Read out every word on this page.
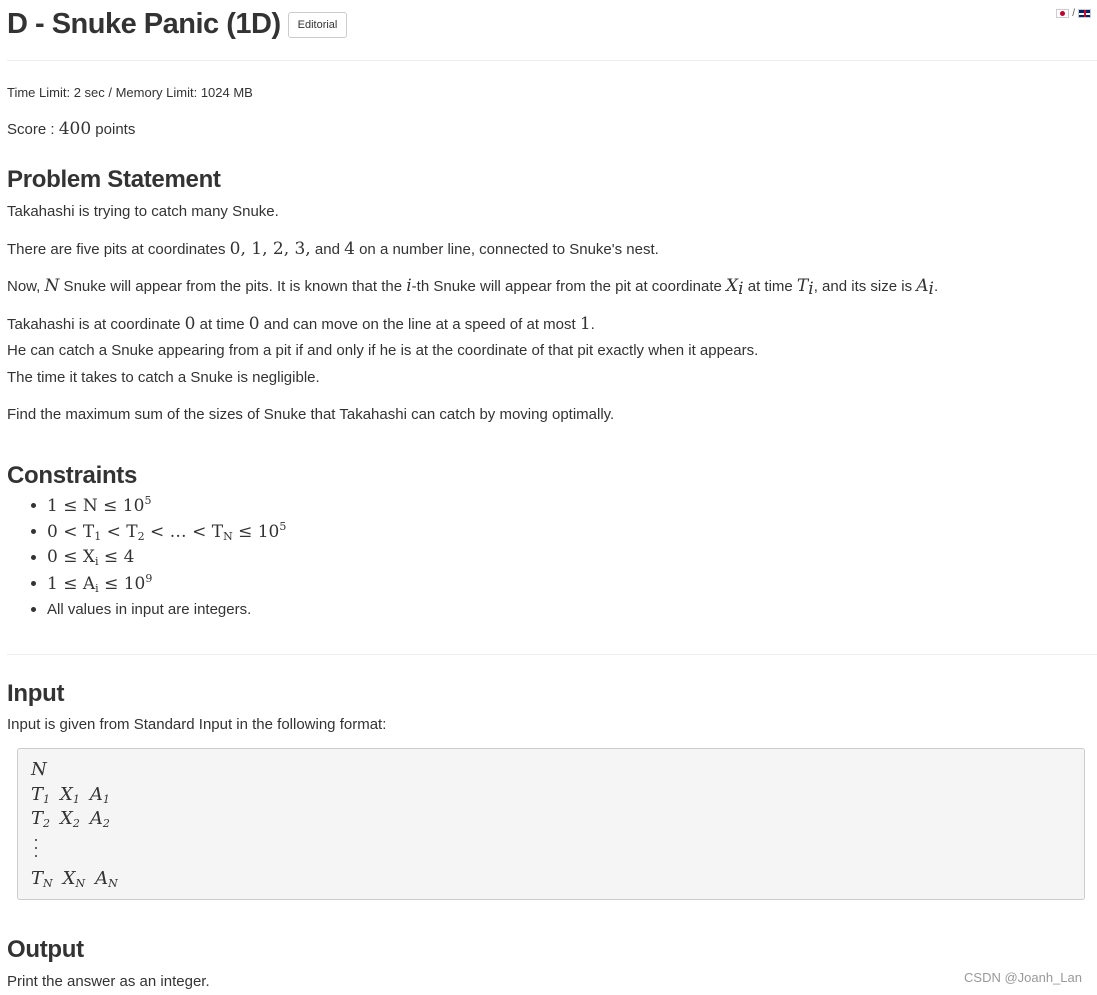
D - Snuke Panic (1D)	Editorial
/
Time Limit: 2 sec / Memory Limit: 1024 MB
Score : 400 points
Problem Statement
Takahashi is trying to catch many Snuke.
There are five pits at coordinates 0, 1, 2, 3, and 4 on a number line, connected to Snuke's nest.
Now, N Snuke will appear from the pits. It is known that the i-th Snuke will appear from the pit at coordinate $X_i$ at time $T_i$, and its size is $A_i$.
Takahashi is at coordinate 0 at time 0 and can move on the line at a speed of at most 1.
He can catch a Snuke appearing from a pit if and only if he is at the coordinate of that pit exactly when it appears.
The time it takes to catch a Snuke is negligible.
Find the maximum sum of the sizes of Snuke that Takahashi can catch by moving optimally.
Constraints
$1 \le N \le 10^5$
$0 < T_1 < T_2$ < … < $T_N \le 10^5$
$0 \le X_i \le 4$
$1 \le A_i \le 10^9$
All values in input are integers.
Input
Input is given from Standard Input in the following format:
N
$T_1$ $X_1$ $A_1$
$T_2$ $X_2$ $A_2$
$T_N$ $X_N$ $A_N$
Output
Print the answer as an integer.	CSDN @Joanh_Lan
